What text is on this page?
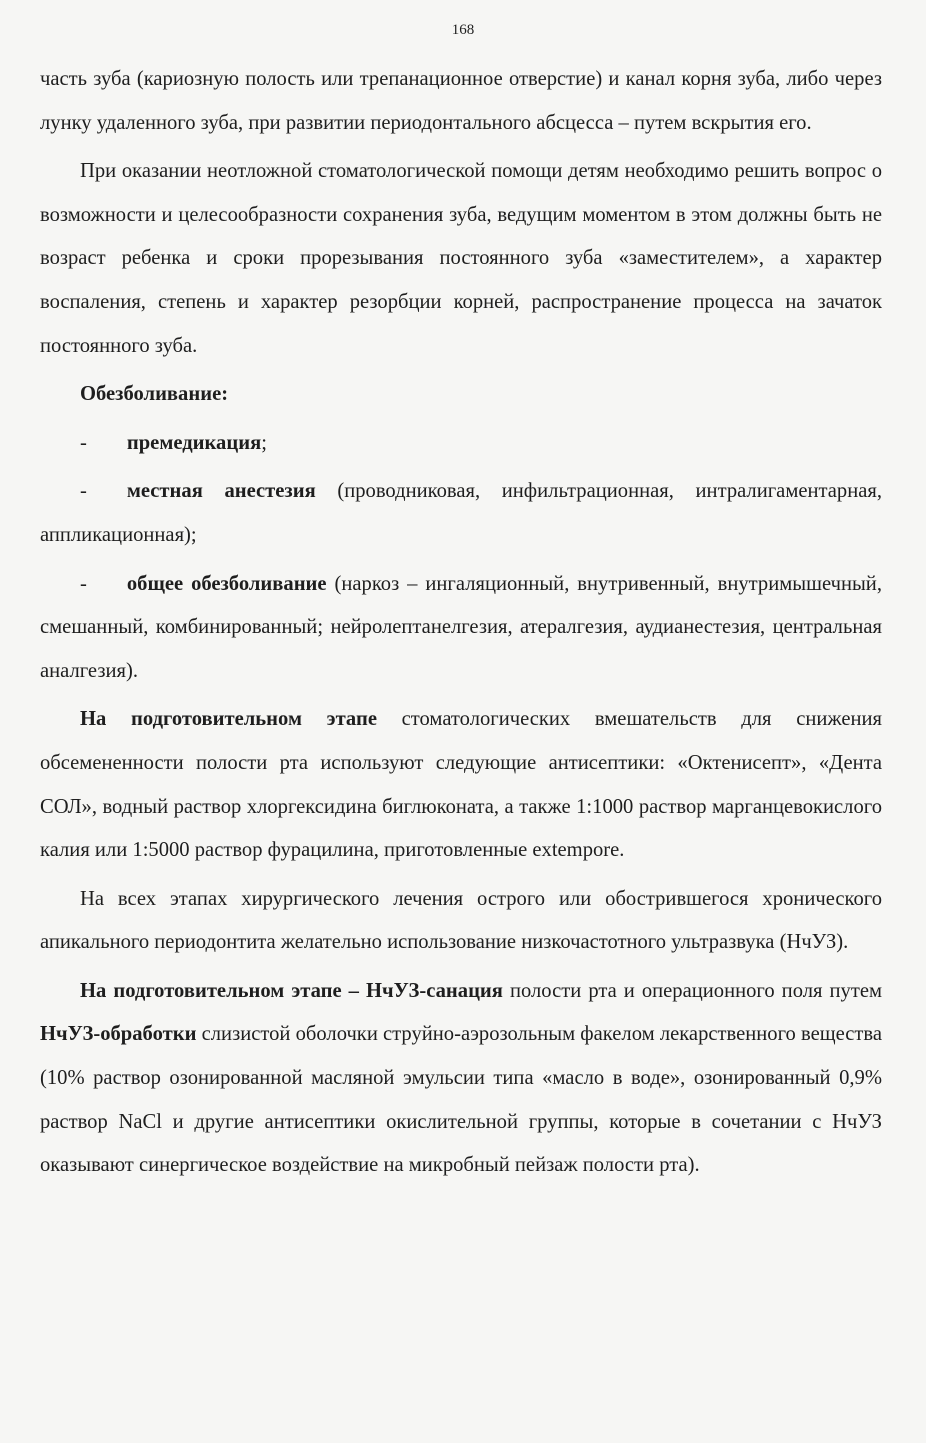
168

часть зуба (кариозную полость или трепанационное отверстие) и канал корня зуба, либо через лунку удаленного зуба, при развитии периодонтального абсцесса – путем вскрытия его.

При оказании неотложной стоматологической помощи детям необходимо решить вопрос о возможности и целесообразности сохранения зуба, ведущим моментом в этом должны быть не возраст ребенка и сроки прорезывания постоянного зуба «заместителем», а характер воспаления, степень и характер резорбции корней, распространение процесса на зачаток постоянного зуба.

Обезболивание:

- премедикация;

- местная анестезия (проводниковая, инфильтрационная, интралигаментарная, аппликационная);

- общее обезболивание (наркоз – ингаляционный, внутривенный, внутримышечный, смешанный, комбинированный; нейролептанелгезия, атералгезия, аудианестезия, центральная аналгезия).

На подготовительном этапе стоматологических вмешательств для снижения обсемененности полости рта используют следующие антисептики: «Октенисепт», «Дента СОЛ», водный раствор хлоргексидина биглюконата, а также 1:1000 раствор марганцевокислого калия или 1:5000 раствор фурацилина, приготовленные extempore.

На всех этапах хирургического лечения острого или обострившегося хронического апикального периодонтита желательно использование низкочастотного ультразвука (НчУЗ).

На подготовительном этапе – НчУЗ-санация полости рта и операционного поля путем НчУЗ-обработки слизистой оболочки струйно-аэрозольным факелом лекарственного вещества (10% раствор озонированной масляной эмульсии типа «масло в воде», озонированный 0,9% раствор NaCl и другие антисептики окислительной группы, которые в сочетании с НчУЗ оказывают синергическое воздействие на микробный пейзаж полости рта).
